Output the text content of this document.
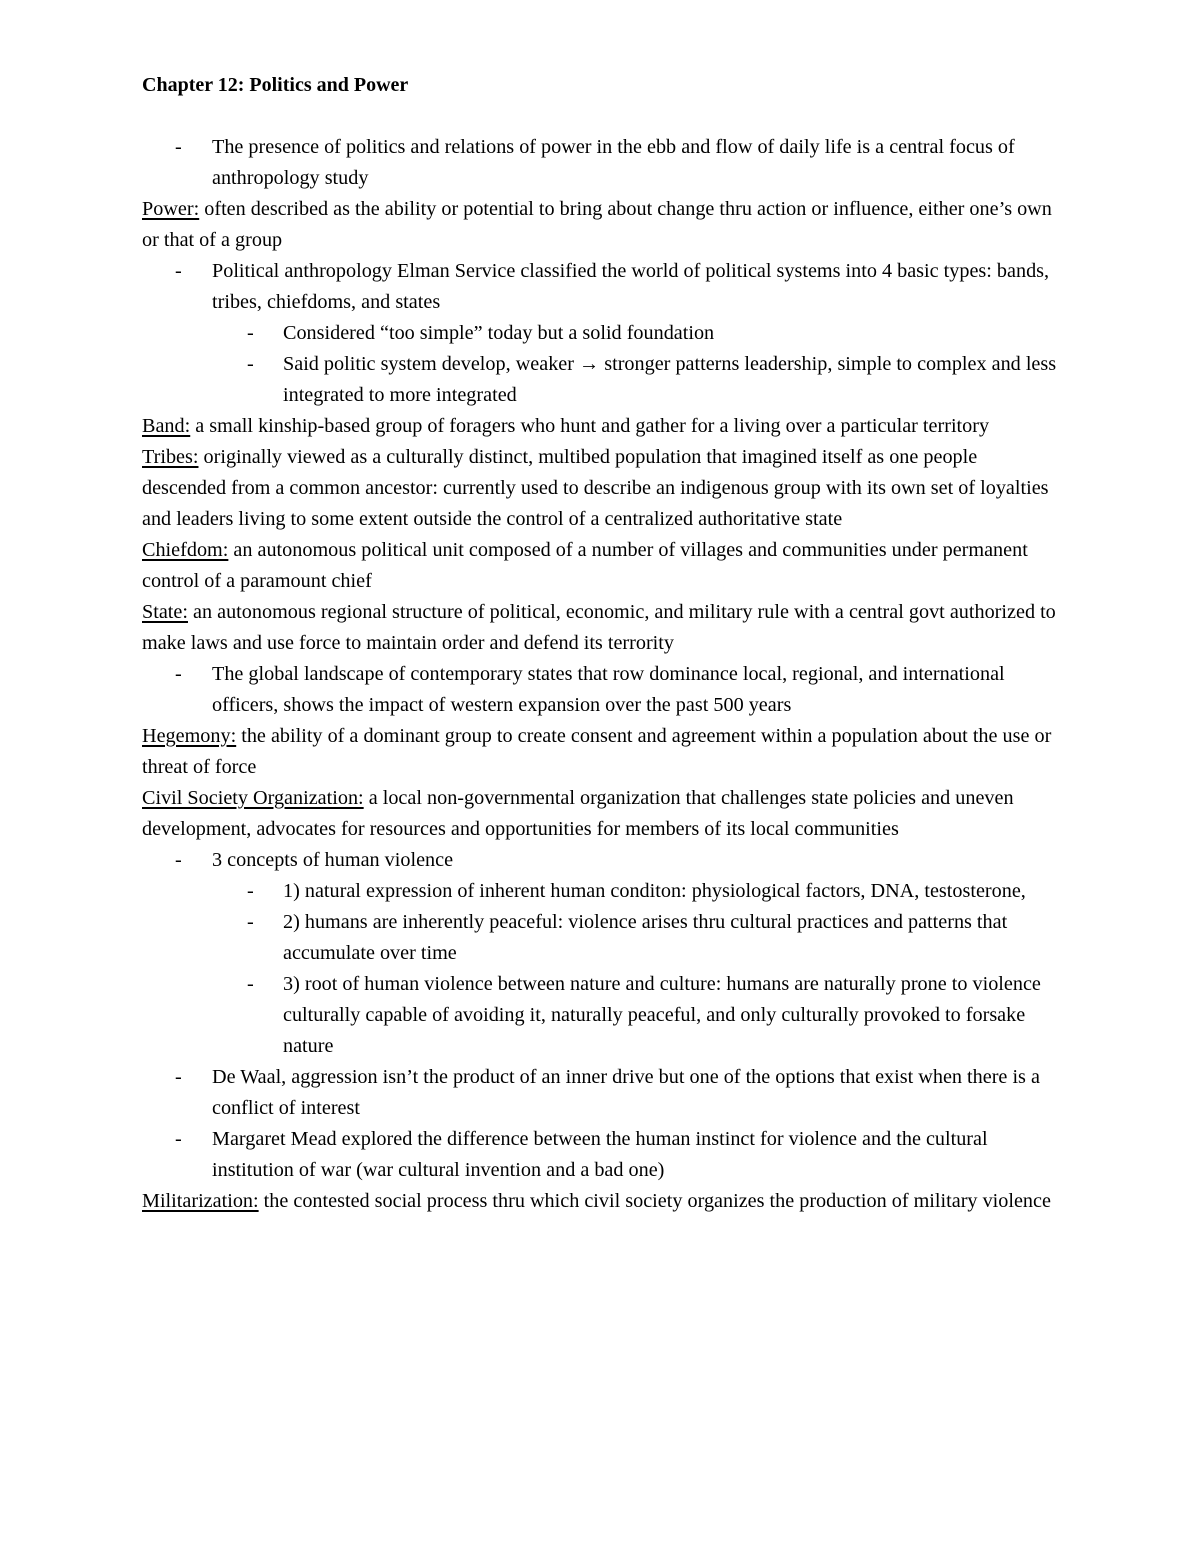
Chapter 12: Politics and Power
- The presence of politics and relations of power in the ebb and flow of daily life is a central focus of anthropology study
Power: often described as the ability or potential to bring about change thru action or influence, either one’s own or that of a group
- Political anthropology Elman Service classified the world of political systems into 4 basic types: bands, tribes, chiefdoms, and states
- Considered “too simple” today but a solid foundation
- Said politic system develop, weaker → stronger patterns leadership, simple to complex and less integrated to more integrated
Band: a small kinship-based group of foragers who hunt and gather for a living over a particular territory
Tribes: originally viewed as a culturally distinct, multibed population that imagined itself as one people descended from a common ancestor: currently used to describe an indigenous group with its own set of loyalties and leaders living to some extent outside the control of a centralized authoritative state
Chiefdom: an autonomous political unit composed of a number of villages and communities under permanent control of a paramount chief
State: an autonomous regional structure of political, economic, and military rule with a central govt authorized to make laws and use force to maintain order and defend its terrority
- The global landscape of contemporary states that row dominance local, regional, and international officers, shows the impact of western expansion over the past 500 years
Hegemony: the ability of a dominant group to create consent and agreement within a population about the use or threat of force
Civil Society Organization: a local non-governmental organization that challenges state policies and uneven development, advocates for resources and opportunities for members of its local communities
- 3 concepts of human violence
- 1) natural expression of inherent human conditon: physiological factors, DNA, testosterone,
- 2) humans are inherently peaceful: violence arises thru cultural practices and patterns that accumulate over time
- 3) root of human violence between nature and culture: humans are naturally prone to violence culturally capable of avoiding it, naturally peaceful, and only culturally provoked to forsake nature
- De Waal, aggression isn’t the product of an inner drive but one of the options that exist when there is a conflict of interest
- Margaret Mead explored the difference between the human instinct for violence and the cultural institution of war (war cultural invention and a bad one)
Militarization: the contested social process thru which civil society organizes the production of military violence
